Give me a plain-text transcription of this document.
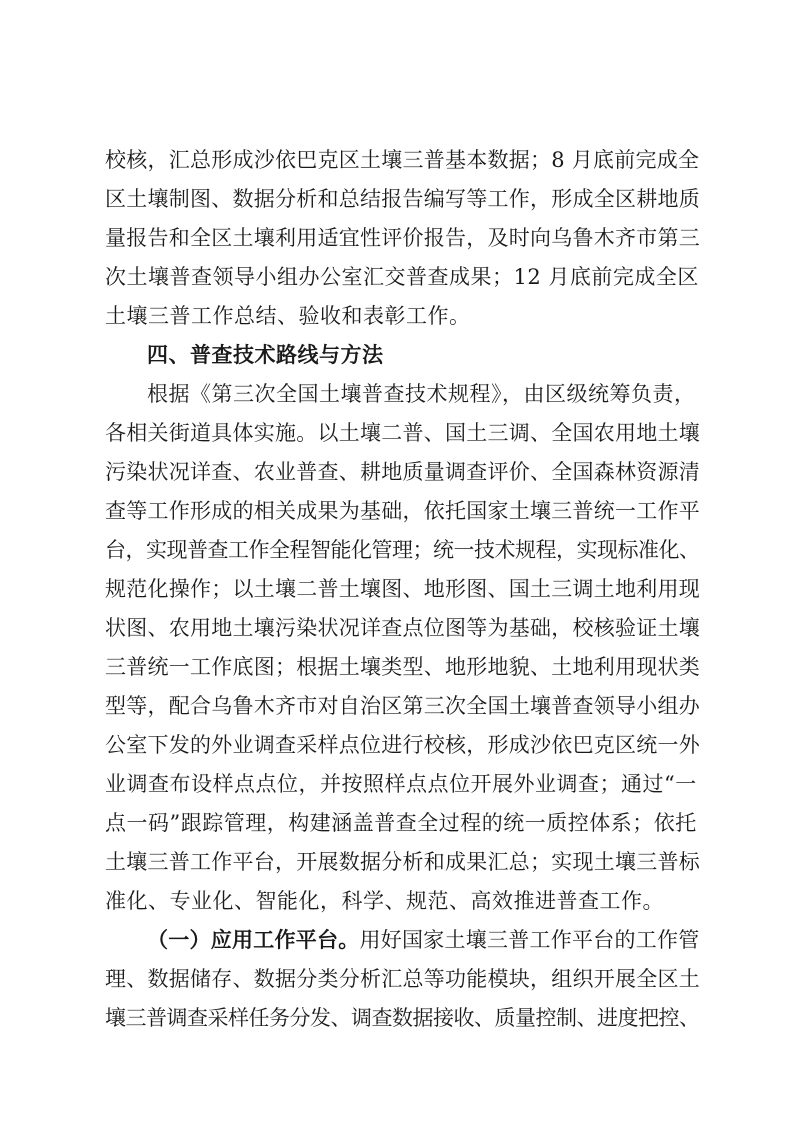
校核，汇总形成沙依巴克区土壤三普基本数据；8 月底前完成全
区土壤制图、数据分析和总结报告编写等工作，形成全区耕地质
量报告和全区土壤利用适宜性评价报告，及时向乌鲁木齐市第三
次土壤普查领导小组办公室汇交普查成果；12 月底前完成全区
土壤三普工作总结、验收和表彰工作。
四、普查技术路线与方法
根据《第三次全国土壤普查技术规程》，由区级统筹负责，
各相关街道具体实施。以土壤二普、国土三调、全国农用地土壤
污染状况详查、农业普查、耕地质量调查评价、全国森林资源清
查等工作形成的相关成果为基础，依托国家土壤三普统一工作平
台，实现普查工作全程智能化管理；统一技术规程，实现标准化、
规范化操作；以土壤二普土壤图、地形图、国土三调土地利用现
状图、农用地土壤污染状况详查点位图等为基础，校核验证土壤
三普统一工作底图；根据土壤类型、地形地貌、土地利用现状类
型等，配合乌鲁木齐市对自治区第三次全国土壤普查领导小组办
公室下发的外业调查采样点位进行校核，形成沙依巴克区统一外
业调查布设样点点位，并按照样点点位开展外业调查；通过“一
点一码”跟踪管理，构建涵盖普查全过程的统一质控体系；依托
土壤三普工作平台，开展数据分析和成果汇总；实现土壤三普标
准化、专业化、智能化，科学、规范、高效推进普查工作。
（一）应用工作平台。用好国家土壤三普工作平台的工作管
理、数据储存、数据分类分析汇总等功能模块，组织开展全区土
壤三普调查采样任务分发、调查数据接收、质量控制、进度把控、
